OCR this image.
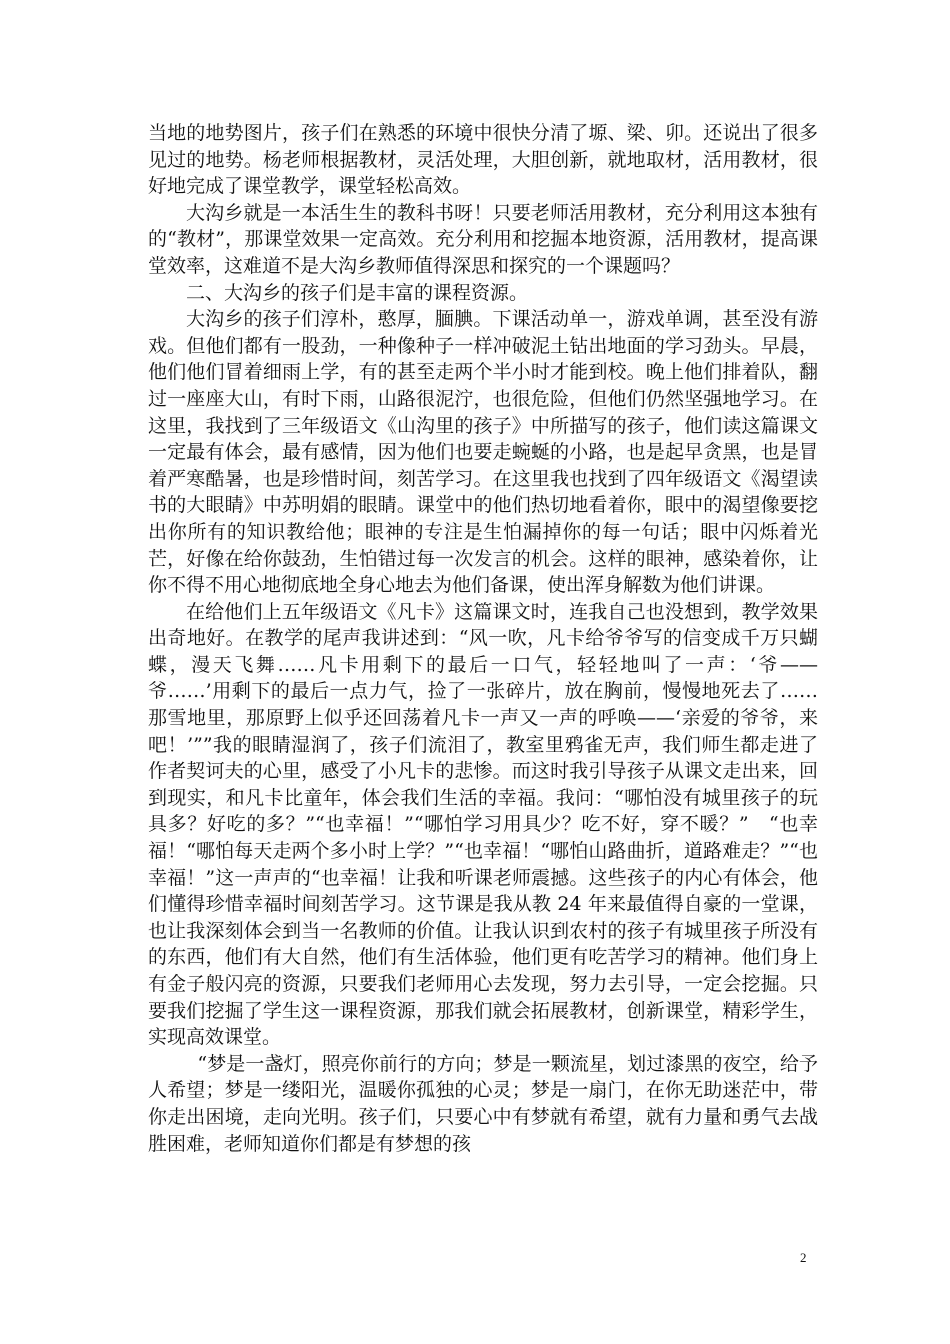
当地的地势图片，孩子们在熟悉的环境中很快分清了塬、梁、卯。还说出了很多见过的地势。杨老师根据教材，灵活处理，大胆创新，就地取材，活用教材，很好地完成了课堂教学，课堂轻松高效。

大沟乡就是一本活生生的教科书呀！只要老师活用教材，充分利用这本独有的“教材”，那课堂效果一定高效。充分利用和挖掘本地资源，活用教材，提高课堂效率，这难道不是大沟乡教师值得深思和探究的一个课题吗？

二、大沟乡的孩子们是丰富的课程资源。

大沟乡的孩子们淳朴，憨厚，腼腆。下课活动单一，游戏单调，甚至没有游戏。但他们都有一股劲，一种像种子一样冲破泥土钻出地面的学习劲头。早晨，他们他们冒着细雨上学，有的甚至走两个半小时才能到校。晚上他们排着队，翻过一座座大山，有时下雨，山路很泥泞，也很危险，但他们仍然坚强地学习。在这里，我找到了三年级语文《山沟里的孩子》中所描写的孩子，他们读这篇课文一定最有体会，最有感情，因为他们也要走蜿蜒的小路，也是起早贪黑，也是冒着严寒酷暑，也是珍惜时间，刻苦学习。在这里我也找到了四年级语文《渴望读书的大眼睛》中苏明娟的眼睛。课堂中的他们热切地看着你，眼中的渴望像要挖出你所有的知识教给他；眼神的专注是生怕漏掉你的每一句话；眼中闪烁着光芒，好像在给你鼓劲，生怕错过每一次发言的机会。这样的眼神，感染着你，让你不得不用心地彻底地全身心地去为他们备课，使出浑身解数为他们讲课。

在给他们上五年级语文《凡卡》这篇课文时，连我自己也没想到，教学效果出奇地好。在教学的尾声我讲述到：“风一吹，凡卡给爷爷写的信变成千万只蝴蝶，漫天飞舞……凡卡用剩下的最后一口气，轻轻地叫了一声：‘爷——爷……’用剩下的最后一点力气，捡了一张碎片，放在胸前，慢慢地死去了……那雪地里，那原野上似乎还回荡着凡卡一声又一声的呼唤——‘亲爱的爷爷，来吧！’””我的眼睛湿润了，孩子们流泪了，教室里鸦雀无声，我们师生都走进了作者契诃夫的心里，感受了小凡卡的悲惨。而这时我引导孩子从课文走出来，回到现实，和凡卡比童年，体会我们生活的幸福。我问：“哪怕没有城里孩子的玩具多？好吃的多？”“也幸福！”“哪怕学习用具少？吃不好，穿不暖？”　“也幸福！“哪怕每天走两个多小时上学？”“也幸福！“哪怕山路曲折，道路难走？”“也幸福！”这一声声的“也幸福！让我和听课老师震撼。这些孩子的内心有体会，他们懂得珍惜幸福时间刻苦学习。这节课是我从教 24 年来最值得自豪的一堂课，也让我深刻体会到当一名教师的价值。让我认识到农村的孩子有城里孩子所没有的东西，他们有大自然，他们有生活体验，他们更有吃苦学习的精神。他们身上有金子般闪亮的资源，只要我们老师用心去发现，努力去引导，一定会挖掘。只要我们挖掘了学生这一课程资源，那我们就会拓展教材，创新课堂，精彩学生，实现高效课堂。

“梦是一盏灯，照亮你前行的方向；梦是一颗流星，划过漆黑的夜空，给予人希望；梦是一缕阳光，温暖你孤独的心灵；梦是一扇门，在你无助迷茫中，带你走出困境，走向光明。孩子们，只要心中有梦就有希望，就有力量和勇气去战胜困难，老师知道你们都是有梦想的孩

2
